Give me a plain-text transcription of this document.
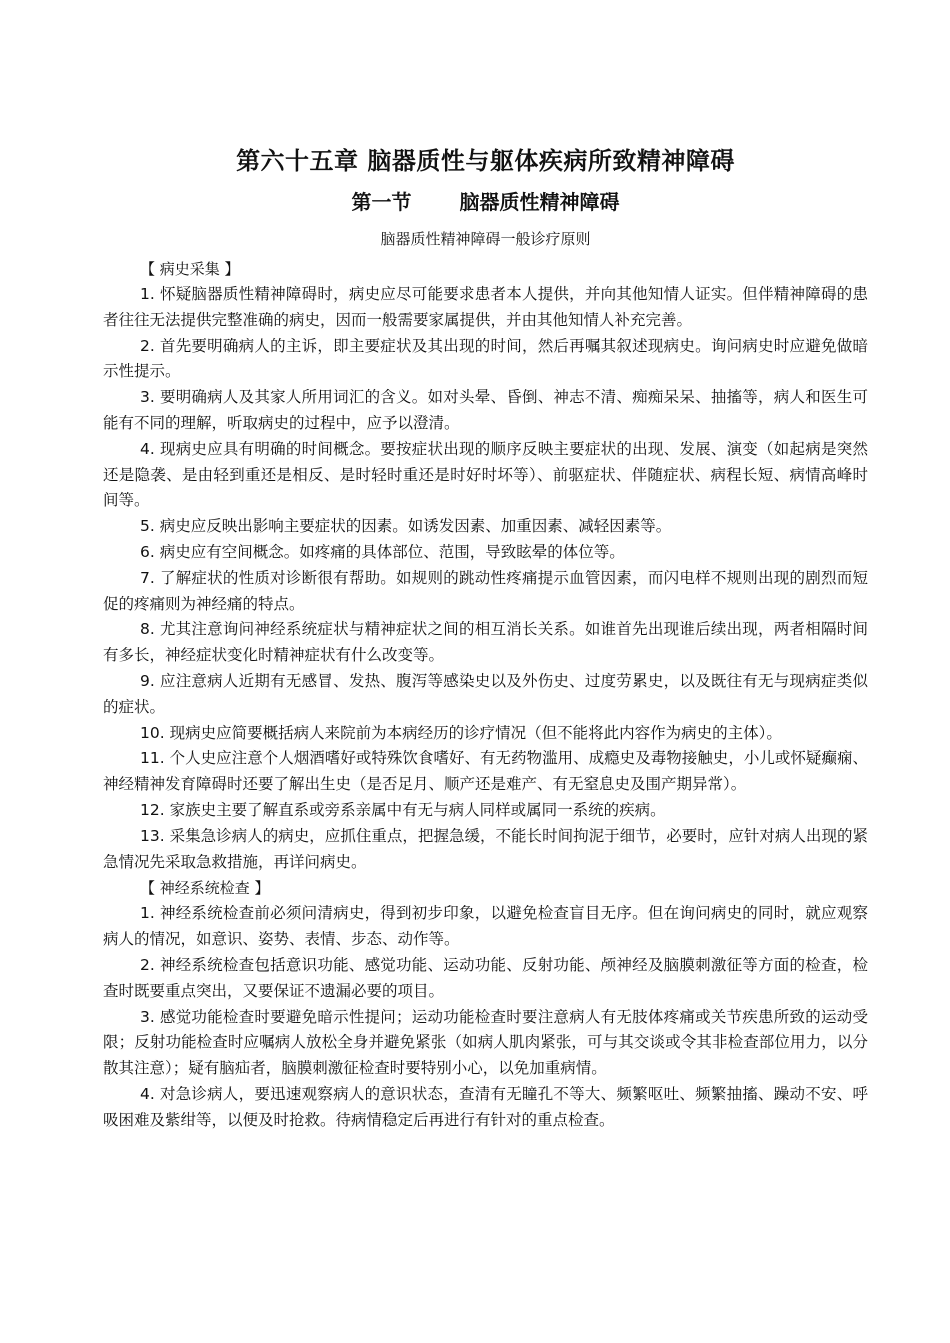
第六十五章 脑器质性与躯体疾病所致精神障碍
第一节 脑器质性精神障碍
脑器质性精神障碍一般诊疗原则
【 病史采集 】

1. 怀疑脑器质性精神障碍时，病史应尽可能要求患者本人提供，并向其他知情人证实。但伴精神障碍的患者往往无法提供完整准确的病史，因而一般需要家属提供，并由其他知情人补充完善。

2. 首先要明确病人的主诉，即主要症状及其出现的时间，然后再嘱其叙述现病史。询问病史时应避免做暗示性提示。

3. 要明确病人及其家人所用词汇的含义。如对头晕、昏倒、神志不清、痴痴呆呆、抽搐等，病人和医生可能有不同的理解，听取病史的过程中，应予以澄清。

4. 现病史应具有明确的时间概念。要按症状出现的顺序反映主要症状的出现、发展、演变（如起病是突然还是隐袭、是由轻到重还是相反、是时轻时重还是时好时坏等）、前驱症状、伴随症状、病程长短、病情高峰时间等。

5. 病史应反映出影响主要症状的因素。如诱发因素、加重因素、减轻因素等。

6. 病史应有空间概念。如疼痛的具体部位、范围，导致眩晕的体位等。

7. 了解症状的性质对诊断很有帮助。如规则的跳动性疼痛提示血管因素，而闪电样不规则出现的剧烈而短促的疼痛则为神经痛的特点。

8. 尤其注意询问神经系统症状与精神症状之间的相互消长关系。如谁首先出现谁后续出现，两者相隔时间有多长，神经症状变化时精神症状有什么改变等。

9. 应注意病人近期有无感冒、发热、腹泻等感染史以及外伤史、过度劳累史，以及既往有无与现病症类似的症状。

10. 现病史应简要概括病人来院前为本病经历的诊疗情况（但不能将此内容作为病史的主体）。

11. 个人史应注意个人烟酒嗜好或特殊饮食嗜好、有无药物滥用、成瘾史及毒物接触史，小儿或怀疑癫痫、神经精神发育障碍时还要了解出生史（是否足月、顺产还是难产、有无窒息史及围产期异常）。

12. 家族史主要了解直系或旁系亲属中有无与病人同样或属同一系统的疾病。

13. 采集急诊病人的病史，应抓住重点，把握急缓，不能长时间拘泥于细节，必要时，应针对病人出现的紧急情况先采取急救措施，再详问病史。

【 神经系统检查 】

1. 神经系统检查前必须问清病史，得到初步印象，以避免检查盲目无序。但在询问病史的同时，就应观察病人的情况，如意识、姿势、表情、步态、动作等。

2. 神经系统检查包括意识功能、感觉功能、运动功能、反射功能、颅神经及脑膜刺激征等方面的检查，检查时既要重点突出，又要保证不遗漏必要的项目。

3. 感觉功能检查时要避免暗示性提问；运动功能检查时要注意病人有无肢体疼痛或关节疾患所致的运动受限；反射功能检查时应嘱病人放松全身并避免紧张（如病人肌肉紧张，可与其交谈或令其非检查部位用力，以分散其注意）；疑有脑疝者，脑膜刺激征检查时要特别小心，以免加重病情。

4. 对急诊病人，要迅速观察病人的意识状态，查清有无瞳孔不等大、频繁呕吐、频繁抽搐、躁动不安、呼吸困难及紫绀等，以便及时抢救。待病情稳定后再进行有针对的重点检查。
